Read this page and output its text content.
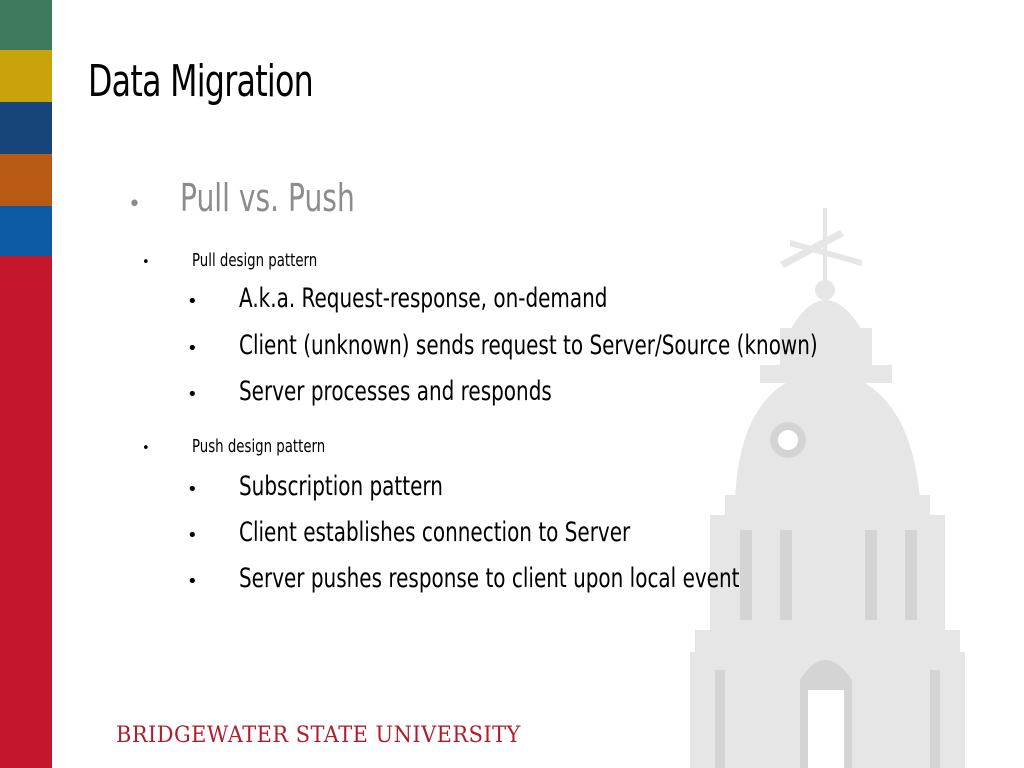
Data Migration
•	Pull vs. Push
•	Pull design pattern
•	A.k.a. Request-response, on-demand
•	Client (unknown) sends request to Server/Source (known)
•	Server processes and responds
•	Push design pattern
•	Subscription pattern
•	Client establishes connection to Server
•	Server pushes response to client upon local event
BRIDGEWATER STATE UNIVERSITY
